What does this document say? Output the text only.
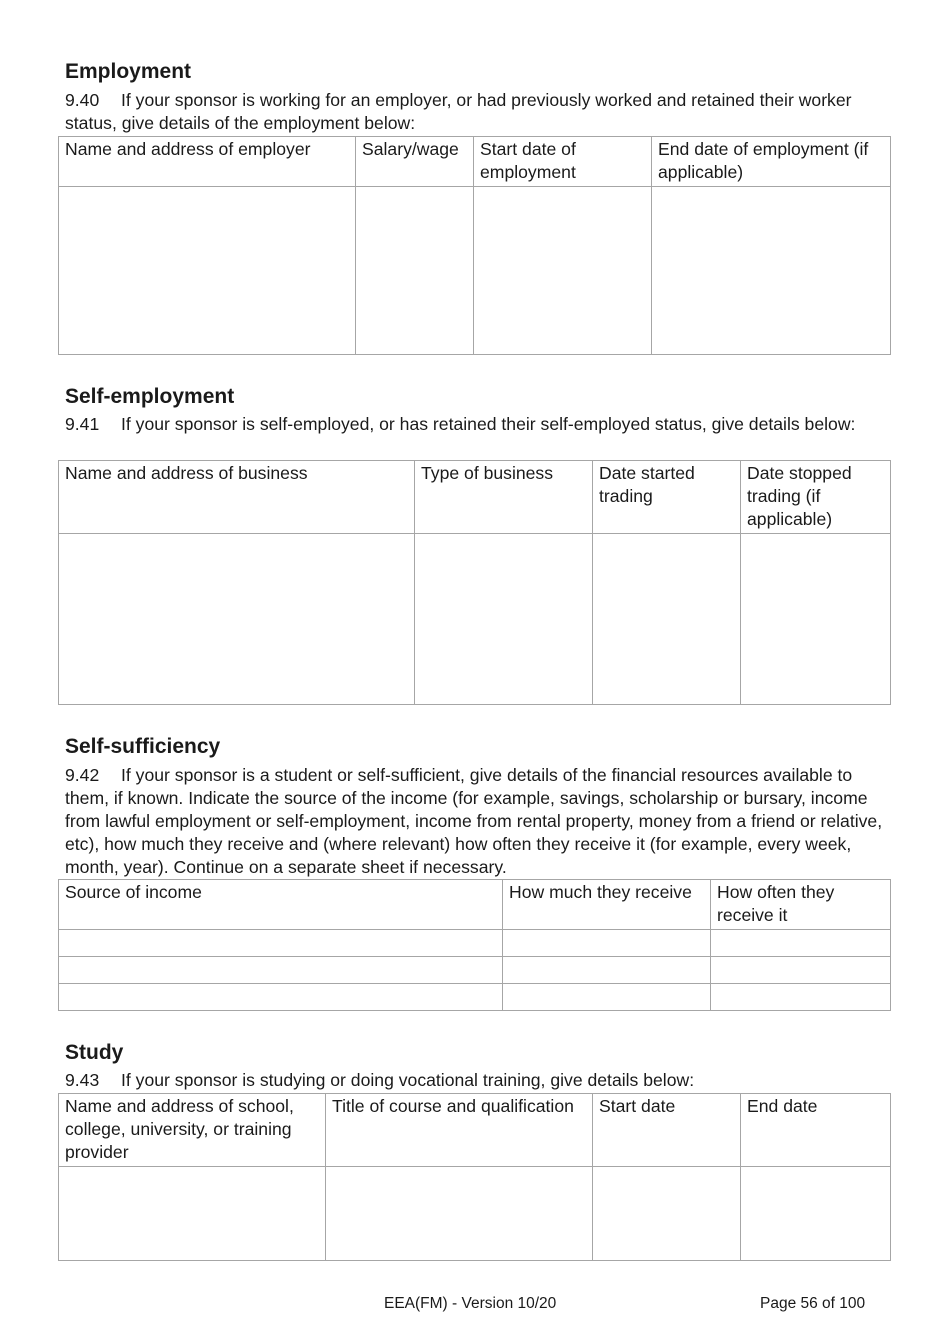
Employment

9.40 If your sponsor is working for an employer, or had previously worked and retained their worker status, give details of the employment below:

Name and address of employer	Salary/wage	Start date of employment	End date of employment (if applicable)

Self-employment

9.41 If your sponsor is self-employed, or has retained their self-employed status, give details below:

Name and address of business	Type of business	Date started trading	Date stopped trading (if applicable)

Self-sufficiency

9.42 If your sponsor is a student or self-sufficient, give details of the financial resources available to them, if known. Indicate the source of the income (for example, savings, scholarship or bursary, income from lawful employment or self-employment, income from rental property, money from a friend or relative, etc), how much they receive and (where relevant) how often they receive it (for example, every week, month, year). Continue on a separate sheet if necessary.

Source of income	How much they receive	How often they receive it

Study

9.43 If your sponsor is studying or doing vocational training, give details below:

Name and address of school, college, university, or training provider	Title of course and qualification	Start date	End date

EEA(FM) - Version 10/20	Page 56 of 100
